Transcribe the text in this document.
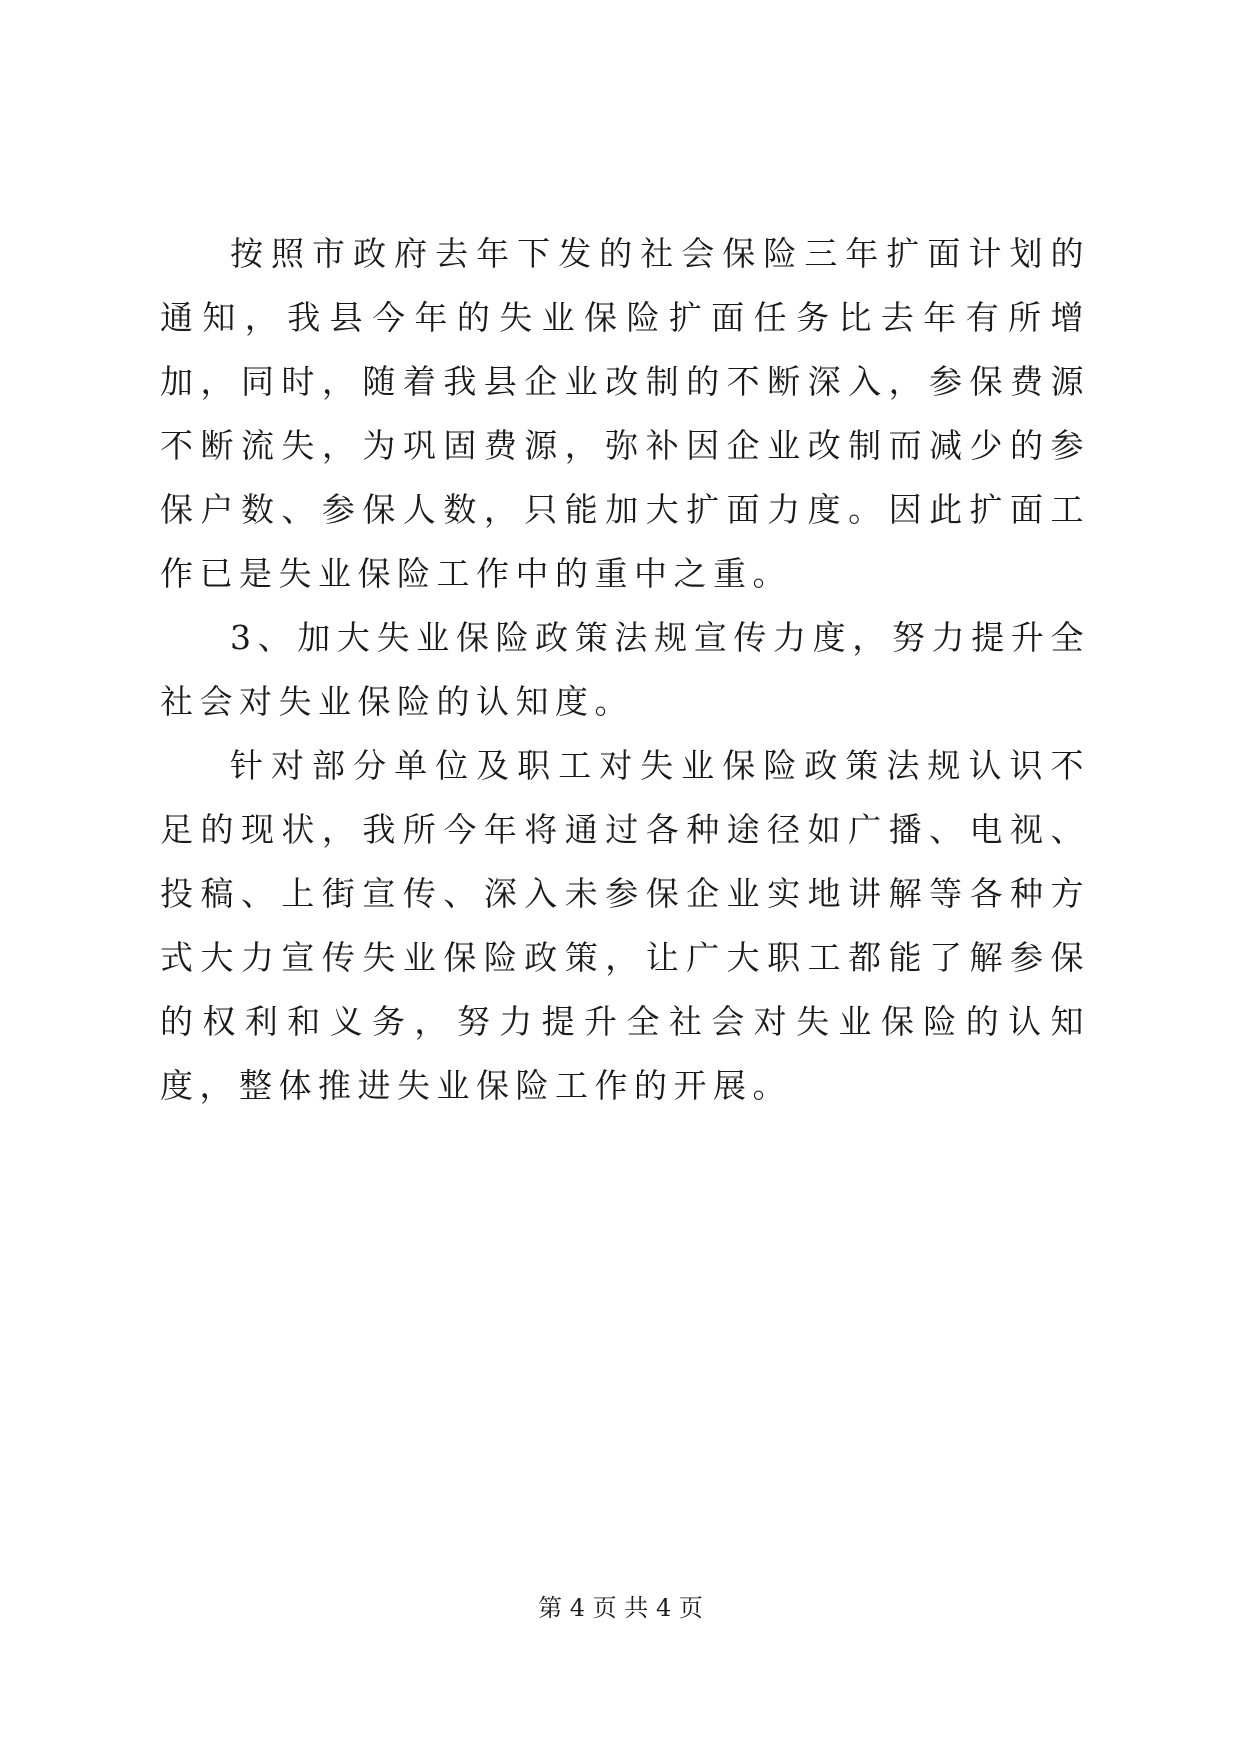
按照市政府去年下发的社会保险三年扩面计划的通知，我县今年的失业保险扩面任务比去年有所增加，同时，随着我县企业改制的不断深入，参保费源不断流失，为巩固费源，弥补因企业改制而减少的参保户数、参保人数，只能加大扩面力度。因此扩面工作已是失业保险工作中的重中之重。

3、加大失业保险政策法规宣传力度，努力提升全社会对失业保险的认知度。

针对部分单位及职工对失业保险政策法规认识不足的现状，我所今年将通过各种途径如广播、电视、投稿、上街宣传、深入未参保企业实地讲解等各种方式大力宣传失业保险政策，让广大职工都能了解参保的权利和义务，努力提升全社会对失业保险的认知度，整体推进失业保险工作的开展。

第 4 页 共 4 页
